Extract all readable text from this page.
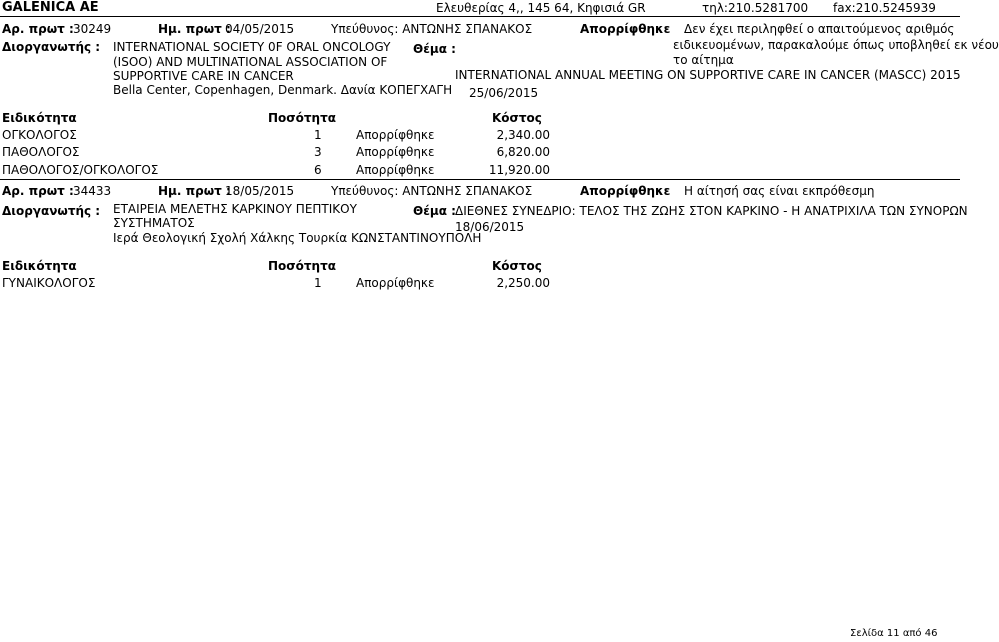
GALENICA AE	Ελευθερίας 4,, 145 64, Κηφισιά GR	τηλ:210.5281700 fax:210.5245939
Αρ. πρωτ : 30249	Ημ. πρωτ :
04/05/2015	Υπεύθυνος: ΑΝΤΩΝΗΣ ΣΠΑΝΑΚΟΣ	Απορρίφθηκε Δεν έχει περιληφθεί ο απαιτούμενος αριθμός
ειδικευομένων, παρακαλούμε όπως υποβληθεί εκ νέου
το αίτημα
Διοργανωτής : INTERNATIONAL SOCIETY 0F ORAL ONCOLOGY
(ISOO) AND MULTINATIONAL ASSOCIATION OF
SUPPORTIVE CARE IN CANCER
Bella Center, Copenhagen, Denmark. Δανία ΚΟΠΕΓΧΑΓΗ
Θέμα :
INTERNATIONAL ANNUAL MEETING ON SUPPORTIVE CARE IN CANCER (MASCC) 2015
25/06/2015
Ειδικότητα	Ποσότητα	Κόστος
ΟΓΚΟΛΟΓΟΣ	1	Απορρίφθηκε	2,340.00
ΠΑΘΟΛΟΓΟΣ	3	Απορρίφθηκε	6,820.00
ΠΑΘΟΛΟΓΟΣ/ΟΓΚΟΛΟΓΟΣ	6	Απορρίφθηκε	11,920.00
Αρ. πρωτ : 34433	Ημ. πρωτ :
18/05/2015	Υπεύθυνος: ΑΝΤΩΝΗΣ ΣΠΑΝΑΚΟΣ	Απορρίφθηκε Η αίτησή σας είναι εκπρόθεσμη
Διοργανωτής : ΕΤΑΙΡΕΙΑ ΜΕΛΕΤΗΣ ΚΑΡΚΙΝΟΥ ΠΕΠΤΙΚΟΥ
ΣΥΣΤΗΜΑΤΟΣ
Ιερά Θεολογική Σχολή Χάλκης Τουρκία ΚΩΝΣΤΑΝΤΙΝΟΥΠΟΛΗ
Θέμα : ΔΙΕΘΝΕΣ ΣΥΝΕΔΡΙΟ: ΤΕΛΟΣ ΤΗΣ ΖΩΗΣ ΣΤΟΝ ΚΑΡΚΙΝΟ - Η ΑΝΑΤΡΙΧΙΛΑ ΤΩΝ ΣΥΝΟΡΩΝ
18/06/2015
Ειδικότητα	Ποσότητα	Κόστος
ΓΥΝΑΙΚΟΛΟΓΟΣ	1	Απορρίφθηκε	2,250.00
Σελίδα 11 από 46
